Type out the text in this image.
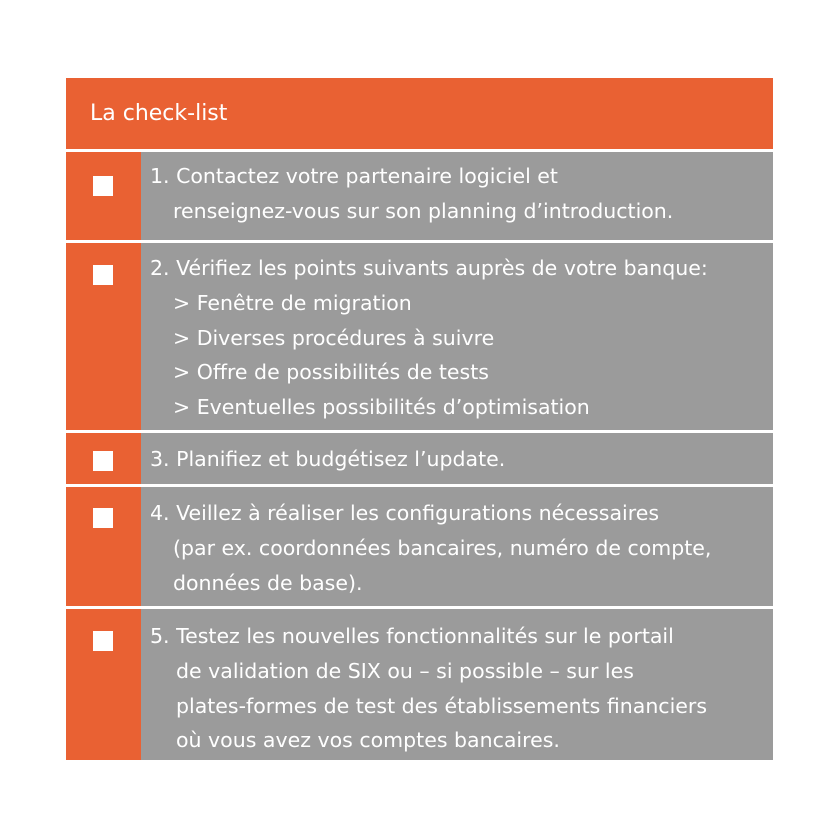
La check-list
1. Contactez votre partenaire logiciel et
renseignez-vous sur son planning d’introduction.
2. Vérifiez les points suivants auprès de votre banque:
> Fenêtre de migration
> Diverses procédures à suivre
> Offre de possibilités de tests
> Eventuelles possibilités d’optimisation
3. Planifiez et budgétisez l’update.
4. Veillez à réaliser les configurations nécessaires
(par ex. coordonnées bancaires, numéro de compte,
données de base).
5. Testez les nouvelles fonctionnalités sur le portail
de validation de SIX ou – si possible – sur les
plates-formes de test des établissements financiers
où vous avez vos comptes bancaires.
